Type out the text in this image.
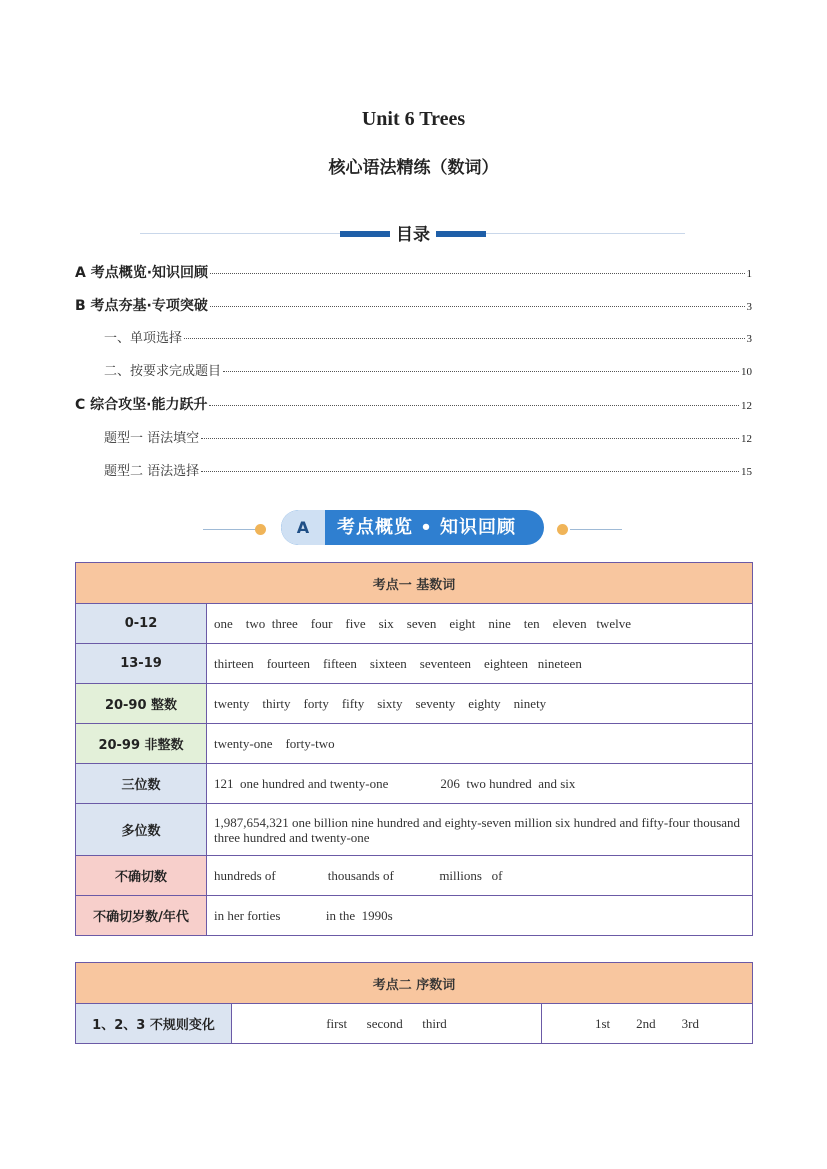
Unit 6 Trees
核心语法精练（数词）
目录
A 考点概览·知识回顾	1
B 考点夯基·专项突破	3
一、单项选择	3
二、按要求完成题目	10
C 综合攻坚·能力跃升	12
题型一 语法填空	12
题型二 语法选择	15
A	考点概览 • 知识回顾
考点一 基数词	
0-12	one    two  three    four    five    six    seven    eight    nine    ten    eleven   twelve
13-19	thirteen    fourteen    fifteen    sixteen    seventeen    eighteen   nineteen
20-90 整数	twenty    thirty    forty    fifty    sixty    seventy    eighty    ninety
20-99 非整数	twenty-one    forty-two
三位数	121  one hundred and twenty-one                206  two hundred  and six
多位数	1,987,654,321 one billion nine hundred and eighty-seven million six hundred and fifty-four thousand three hundred and twenty-one
不确切数	hundreds of                thousands of              millions   of
不确切岁数/年代	in her forties              in the  1990s
考点二 序数词
1、2、3 不规则变化	first      second      third	1st        2nd        3rd
